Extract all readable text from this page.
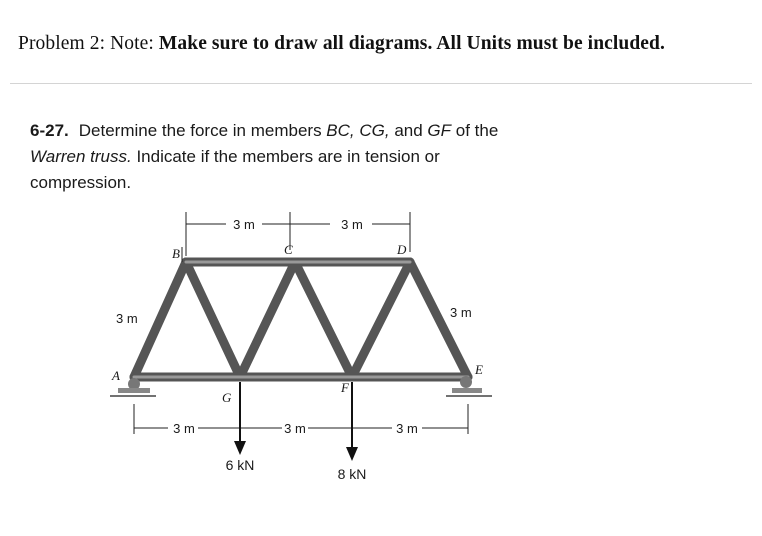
Problem 2: Note: Make sure to draw all diagrams. All Units must be included.
6-27. Determine the force in members BC, CG, and GF of the Warren truss. Indicate if the members are in tension or compression.
3 m	3 m
B	C	D
A
G
F
E
3 m	3 m
3 m	3 m	3 m
6 kN
8 kN
